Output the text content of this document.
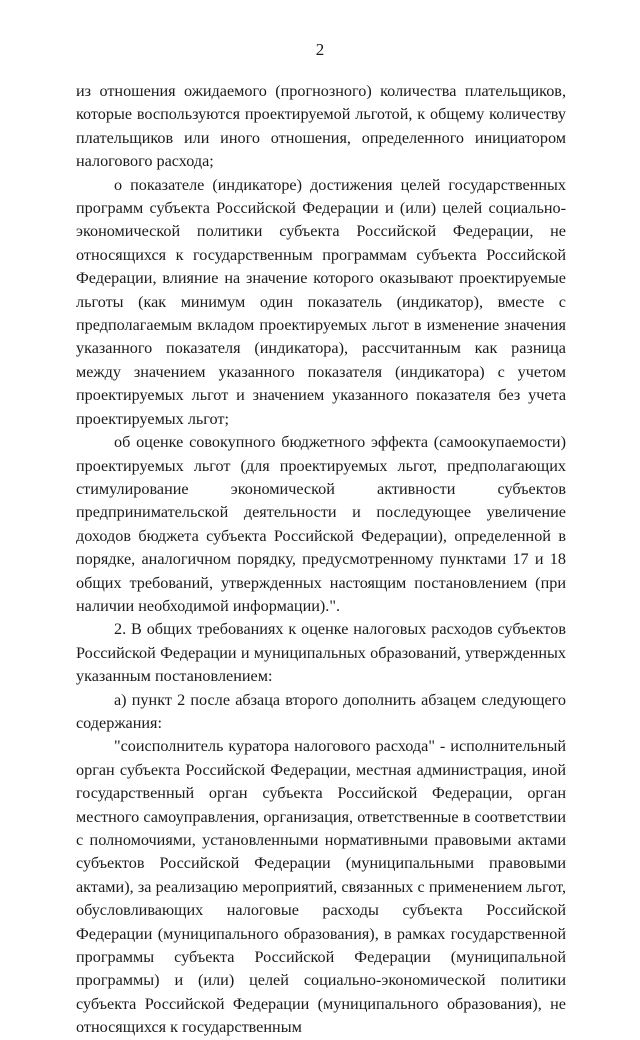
2

из отношения ожидаемого (прогнозного) количества плательщиков, которые воспользуются проектируемой льготой, к общему количеству плательщиков или иного отношения, определенного инициатором налогового расхода;

о показателе (индикаторе) достижения целей государственных программ субъекта Российской Федерации и (или) целей социально-экономической политики субъекта Российской Федерации, не относящихся к государственным программам субъекта Российской Федерации, влияние на значение которого оказывают проектируемые льготы (как минимум один показатель (индикатор), вместе с предполагаемым вкладом проектируемых льгот в изменение значения указанного показателя (индикатора), рассчитанным как разница между значением указанного показателя (индикатора) с учетом проектируемых льгот и значением указанного показателя без учета проектируемых льгот;

об оценке совокупного бюджетного эффекта (самоокупаемости) проектируемых льгот (для проектируемых льгот, предполагающих стимулирование экономической активности субъектов предпринимательской деятельности и последующее увеличение доходов бюджета субъекта Российской Федерации), определенной в порядке, аналогичном порядку, предусмотренному пунктами 17 и 18 общих требований, утвержденных настоящим постановлением (при наличии необходимой информации).".

2. В общих требованиях к оценке налоговых расходов субъектов Российской Федерации и муниципальных образований, утвержденных указанным постановлением:

а) пункт 2 после абзаца второго дополнить абзацем следующего содержания:

"соисполнитель куратора налогового расхода" - исполнительный орган субъекта Российской Федерации, местная администрация, иной государственный орган субъекта Российской Федерации, орган местного самоуправления, организация, ответственные в соответствии с полномочиями, установленными нормативными правовыми актами субъектов Российской Федерации (муниципальными правовыми актами), за реализацию мероприятий, связанных с применением льгот, обусловливающих налоговые расходы субъекта Российской Федерации (муниципального образования), в рамках государственной программы субъекта Российской Федерации (муниципальной программы) и (или) целей социально-экономической политики субъекта Российской Федерации (муниципального образования), не относящихся к государственным
